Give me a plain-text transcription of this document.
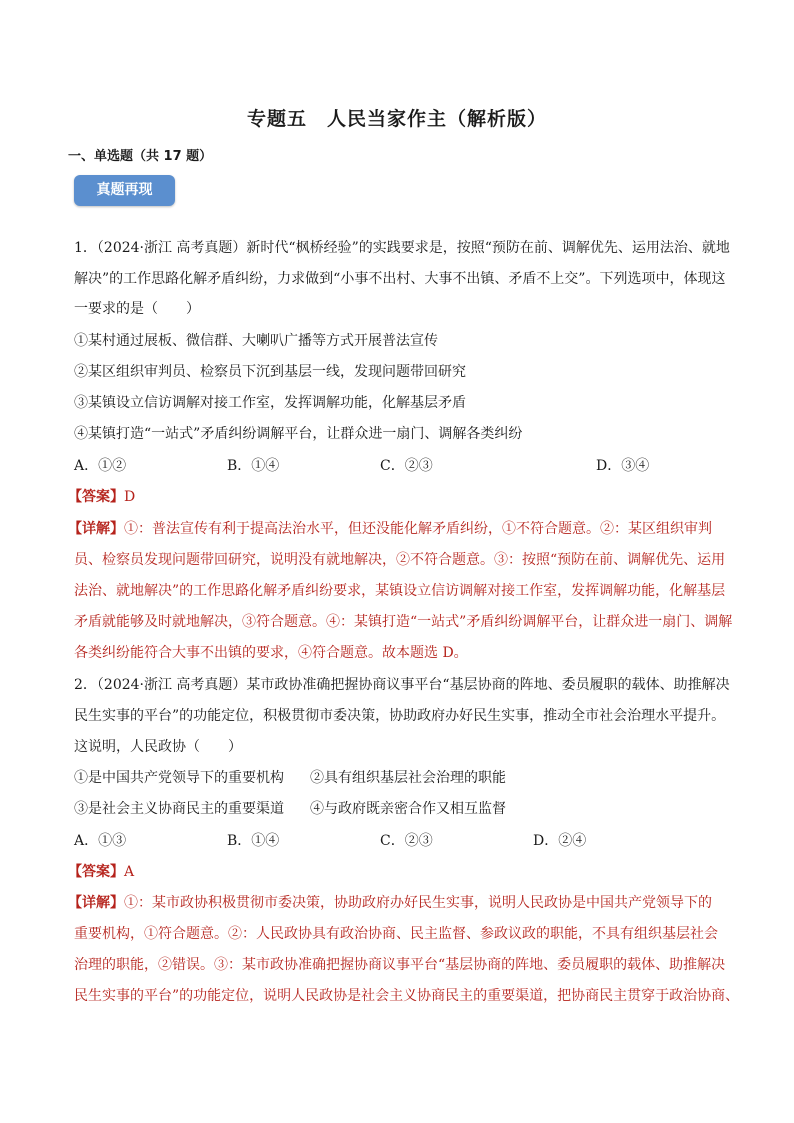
专题五　人民当家作主（解析版）
一、单选题（共 17 题）
真题再现
1．（2024·浙江 高考真题）新时代“枫桥经验”的实践要求是，按照“预防在前、调解优先、运用法治、就地
解决”的工作思路化解矛盾纠纷，力求做到“小事不出村、大事不出镇、矛盾不上交”。下列选项中，体现这
一要求的是（　　）
①某村通过展板、微信群、大喇叭广播等方式开展普法宣传
②某区组织审判员、检察员下沉到基层一线，发现问题带回研究
③某镇设立信访调解对接工作室，发挥调解功能，化解基层矛盾
④某镇打造“一站式”矛盾纠纷调解平台，让群众进一扇门、调解各类纠纷
A．①②	B．①④	C．②③	D．③④
【答案】D
【详解】①：普法宣传有利于提高法治水平，但还没能化解矛盾纠纷，①不符合题意。②：某区组织审判
员、检察员发现问题带回研究，说明没有就地解决，②不符合题意。③：按照“预防在前、调解优先、运用
法治、就地解决”的工作思路化解矛盾纠纷要求，某镇设立信访调解对接工作室，发挥调解功能，化解基层
矛盾就能够及时就地解决，③符合题意。④：某镇打造“一站式”矛盾纠纷调解平台，让群众进一扇门、调解
各类纠纷能符合大事不出镇的要求，④符合题意。故本题选 D。
2．（2024·浙江 高考真题）某市政协准确把握协商议事平台“基层协商的阵地、委员履职的载体、助推解决
民生实事的平台”的功能定位，积极贯彻市委决策，协助政府办好民生实事，推动全市社会治理水平提升。
这说明，人民政协（　　）
①是中国共产党领导下的重要机构 ②具有组织基层社会治理的职能
③是社会主义协商民主的重要渠道 ④与政府既亲密合作又相互监督
A．①③	B．①④	C．②③	D．②④
【答案】A
【详解】①：某市政协积极贯彻市委决策，协助政府办好民生实事，说明人民政协是中国共产党领导下的
重要机构，①符合题意。②：人民政协具有政治协商、民主监督、参政议政的职能，不具有组织基层社会
治理的职能，②错误。③：某市政协准确把握协商议事平台“基层协商的阵地、委员履职的载体、助推解决
民生实事的平台”的功能定位，说明人民政协是社会主义协商民主的重要渠道，把协商民主贯穿于政治协商、
